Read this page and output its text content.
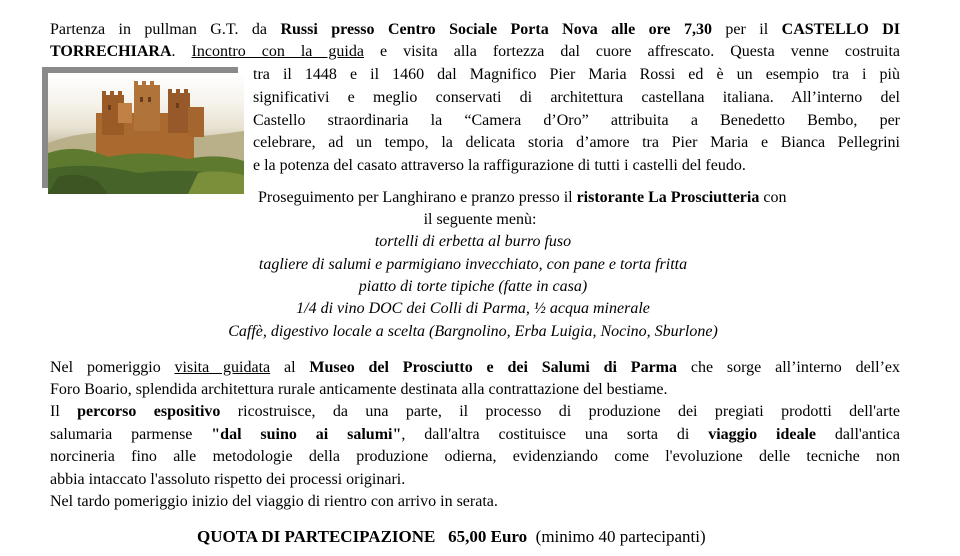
Partenza in pullman G.T. da Russi presso Centro Sociale Porta Nova alle ore 7,30 per il CASTELLO DI
TORRECHIARA. Incontro con la guida e visita alla fortezza dal cuore affrescato. Questa venne costruita
tra il 1448 e il 1460 dal Magnifico Pier Maria Rossi ed è un esempio tra i più
significativi e meglio conservati di architettura castellana italiana. All’interno del
Castello straordinaria la “Camera d’Oro” attribuita a Benedetto Bembo, per
celebrare, ad un tempo, la delicata storia d’amore tra Pier Maria e Bianca Pellegrini
e la potenza del casato attraverso la raffigurazione di tutti i castelli del feudo.
Proseguimento per Langhirano e pranzo presso il ristorante La Prosciutteria con
il seguente menù:
tortelli di erbetta al burro fuso
tagliere di salumi e parmigiano invecchiato, con pane e torta fritta
piatto di torte tipiche (fatte in casa)
1/4 di vino DOC dei Colli di Parma, ½ acqua minerale
Caffè, digestivo locale a scelta (Bargnolino, Erba Luigia, Nocino, Sburlone)
Nel pomeriggio visita guidata al Museo del Prosciutto e dei Salumi di Parma che sorge all’interno dell’ex
Foro Boario, splendida architettura rurale anticamente destinata alla contrattazione del bestiame.
Il percorso espositivo ricostruisce, da una parte, il processo di produzione dei pregiati prodotti dell'arte
salumaria parmense "dal suino ai salumi", dall'altra costituisce una sorta di viaggio ideale dall'antica
norcineria fino alle metodologie della produzione odierna, evidenziando come l'evoluzione delle tecniche non
abbia intaccato l'assoluto rispetto dei processi originari.
Nel tardo pomeriggio inizio del viaggio di rientro con arrivo in serata.
QUOTA DI PARTECIPAZIONE 65,00 Euro (minimo 40 partecipanti)
